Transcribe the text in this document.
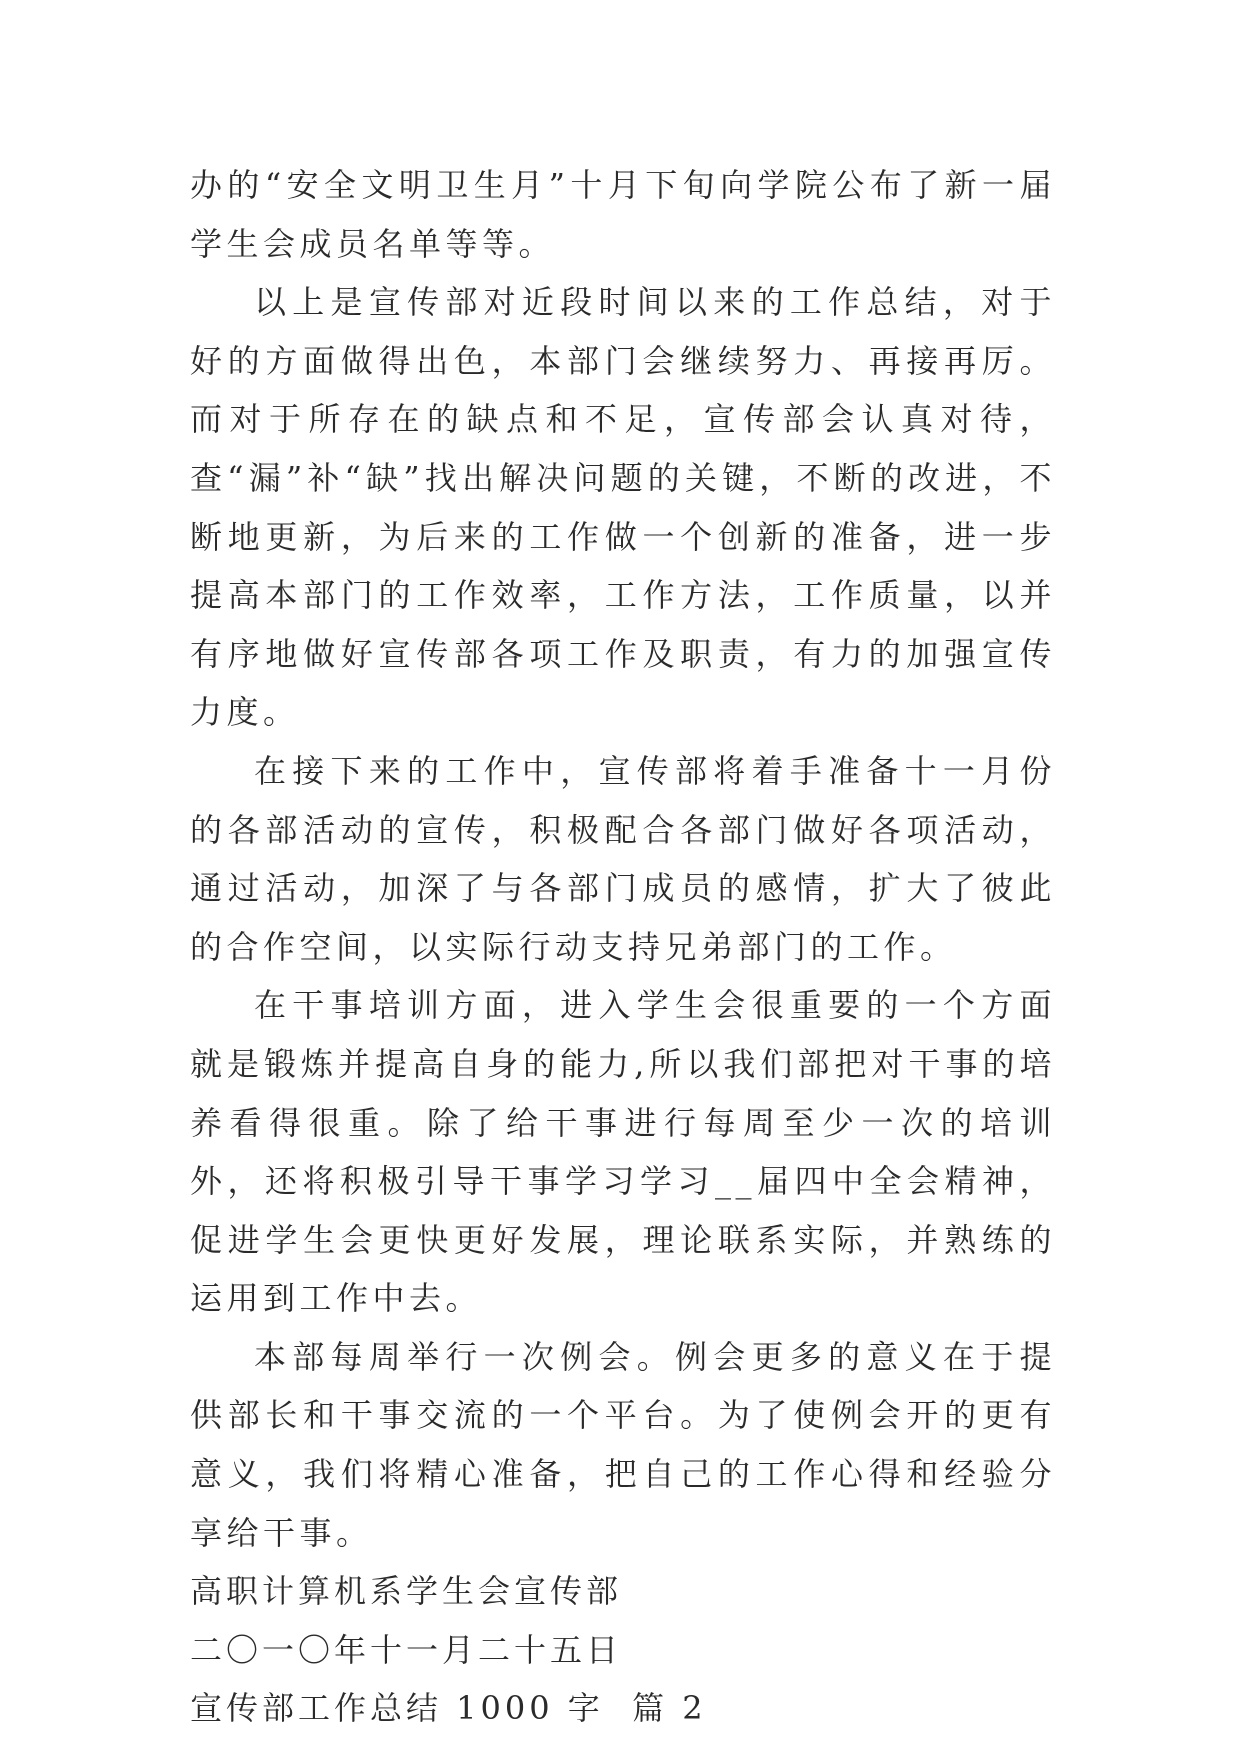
办的“安全文明卫生月”十月下旬向学院公布了新一届学生会成员名单等等。

以上是宣传部对近段时间以来的工作总结，对于好的方面做得出色，本部门会继续努力、再接再厉。而对于所存在的缺点和不足，宣传部会认真对待，查“漏”补“缺”找出解决问题的关键，不断的改进，不断地更新，为后来的工作做一个创新的准备，进一步提高本部门的工作效率，工作方法，工作质量，以并有序地做好宣传部各项工作及职责，有力的加强宣传力度。

在接下来的工作中，宣传部将着手准备十一月份的各部活动的宣传，积极配合各部门做好各项活动，通过活动，加深了与各部门成员的感情，扩大了彼此的合作空间，以实际行动支持兄弟部门的工作。

在干事培训方面，进入学生会很重要的一个方面就是锻炼并提高自身的能力,所以我们部把对干事的培养看得很重。除了给干事进行每周至少一次的培训外，还将积极引导干事学习学习__届四中全会精神，促进学生会更快更好发展，理论联系实际，并熟练的运用到工作中去。

本部每周举行一次例会。例会更多的意义在于提供部长和干事交流的一个平台。为了使例会开的更有意义，我们将精心准备，把自己的工作心得和经验分享给干事。

高职计算机系学生会宣传部

二〇一〇年十一月二十五日

宣传部工作总结 1000 字  篇 2
